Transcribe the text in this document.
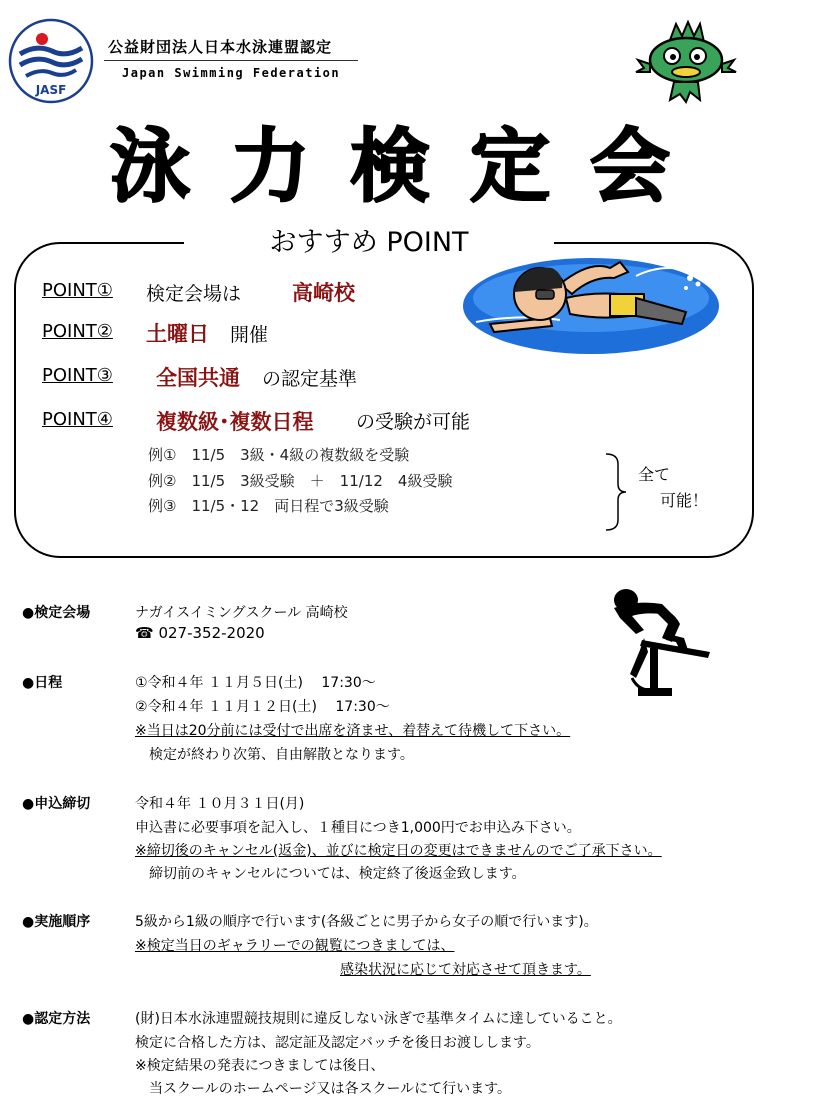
JASF
公益財団法人日本水泳連盟認定
Japan Swimming Federation
泳力検定会
おすすめ POINT
POINT① 検定会場は 高崎校
POINT② 土曜日 開催
POINT③ 全国共通 の認定基準
POINT④ 複数級･複数日程 の受験が可能
例①　11/5　3級・4級の複数級を受験
例②　11/5　3級受験　＋　11/12　4級受験
例③　11/5・12　両日程で3級受験
全て
可能！
●検定会場	ナガイスイミングスクール 高崎校
☎ 027-352-2020
●日程	①令和４年 １１月５日(土)　 17:30～
②令和４年 １１月１２日(土)　 17:30～
※当日は20分前には受付で出席を済ませ、着替えて待機して下さい。
検定が終わり次第、自由解散となります。
●申込締切	令和４年 １０月３１日(月)
申込書に必要事項を記入し、１種目につき1,000円でお申込み下さい。
※締切後のキャンセル(返金)、並びに検定日の変更はできませんのでご了承下さい。
締切前のキャンセルについては、検定終了後返金致します。
●実施順序	5級から1級の順序で行います(各級ごとに男子から女子の順で行います)。
※検定当日のギャラリーでの観覧につきましては、
感染状況に応じて対応させて頂きます。
●認定方法	(財)日本水泳連盟競技規則に違反しない泳ぎで基準タイムに達していること。
検定に合格した方は、認定証及認定バッチを後日お渡しします。
※検定結果の発表につきましては後日、
当スクールのホームページ又は各スクールにて行います。
